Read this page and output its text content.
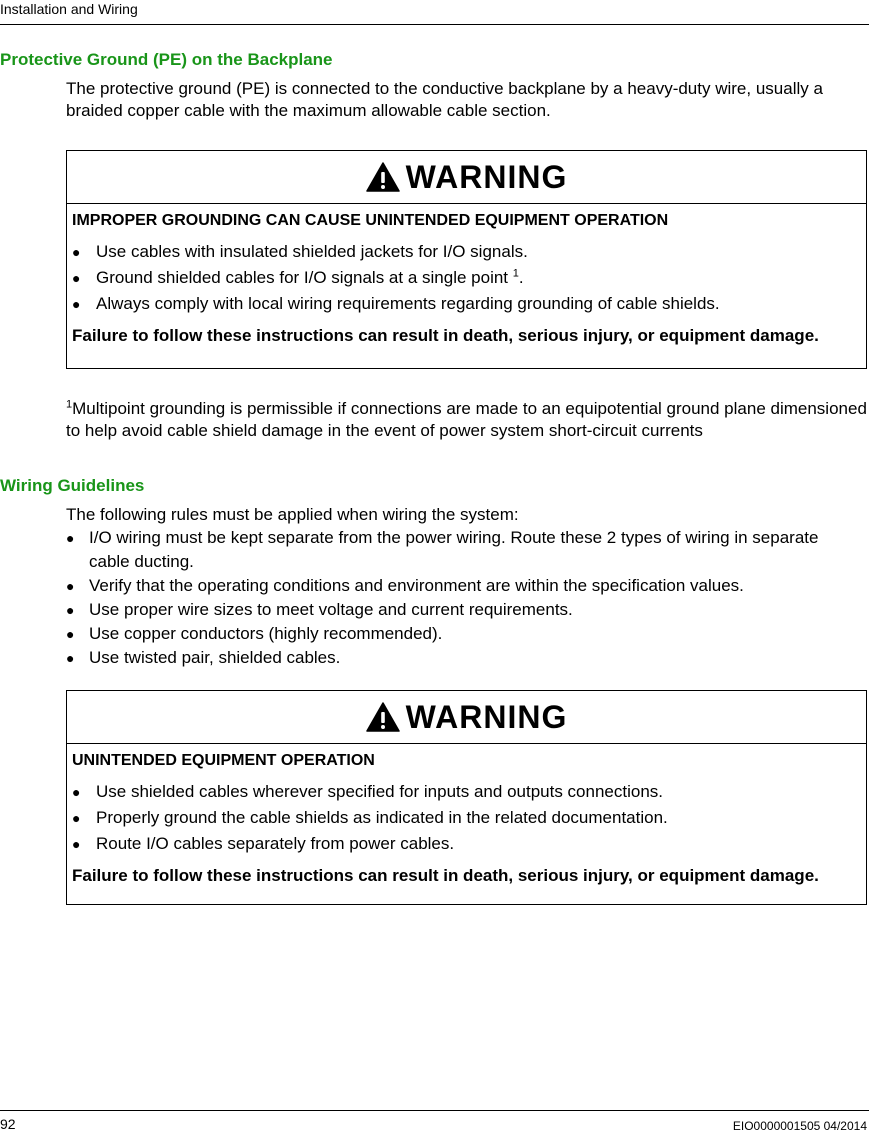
Installation and Wiring
Protective Ground (PE) on the Backplane

The protective ground (PE) is connected to the conductive backplane by a heavy-duty wire, usually a braided copper cable with the maximum allowable cable section.

WARNING

IMPROPER GROUNDING CAN CAUSE UNINTENDED EQUIPMENT OPERATION

● Use cables with insulated shielded jackets for I/O signals.
● Ground shielded cables for I/O signals at a single point $^1$.
● Always comply with local wiring requirements regarding grounding of cable shields.

Failure to follow these instructions can result in death, serious injury, or equipment damage.

$^1$Multipoint grounding is permissible if connections are made to an equipotential ground plane dimensioned to help avoid cable shield damage in the event of power system short-circuit currents

Wiring Guidelines

The following rules must be applied when wiring the system:

● I/O wiring must be kept separate from the power wiring. Route these 2 types of wiring in separate cable ducting.
● Verify that the operating conditions and environment are within the specification values.
● Use proper wire sizes to meet voltage and current requirements.
● Use copper conductors (highly recommended).
● Use twisted pair, shielded cables.
WARNING

UNINTENDED EQUIPMENT OPERATION

● Use shielded cables wherever specified for inputs and outputs connections.
● Properly ground the cable shields as indicated in the related documentation.
● Route I/O cables separately from power cables.

Failure to follow these instructions can result in death, serious injury, or equipment damage.

92	EIO0000001505 04/2014
